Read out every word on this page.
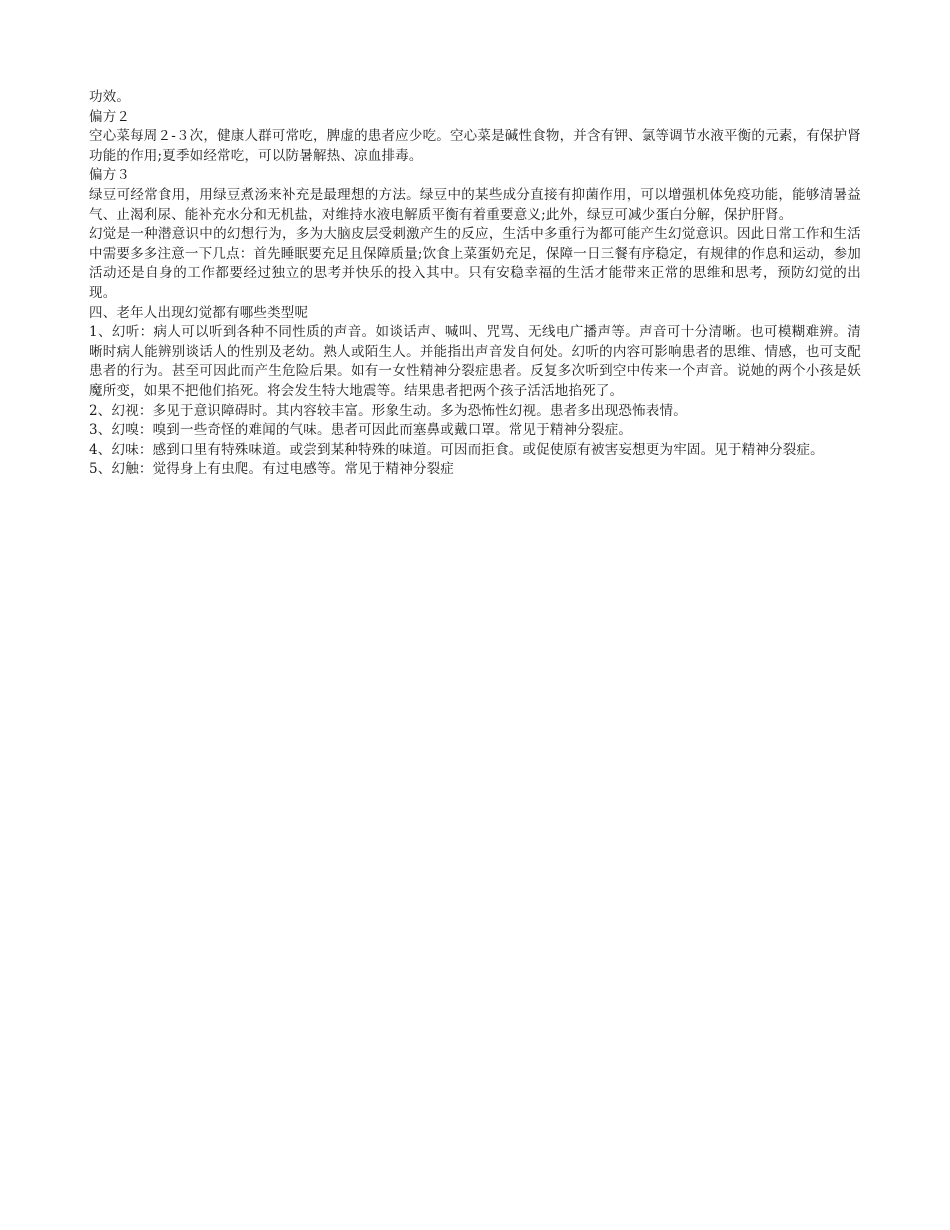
功效。

偏方２

空心菜每周２-３次，健康人群可常吃，脾虚的患者应少吃。空心菜是碱性食物，并含有钾、氯等调节水液平衡的元素，有保护肾功能的作用;夏季如经常吃，可以防暑解热、凉血排毒。

偏方３

绿豆可经常食用，用绿豆煮汤来补充是最理想的方法。绿豆中的某些成分直接有抑菌作用，可以增强机体免疫功能，能够清暑益气、止渴利尿、能补充水分和无机盐，对维持水液电解质平衡有着重要意义;此外，绿豆可减少蛋白分解，保护肝肾。

幻觉是一种潜意识中的幻想行为，多为大脑皮层受刺激产生的反应，生活中多重行为都可能产生幻觉意识。因此日常工作和生活中需要多多注意一下几点：首先睡眠要充足且保障质量;饮食上菜蛋奶充足，保障一日三餐有序稳定，有规律的作息和运动，参加活动还是自身的工作都要经过独立的思考并快乐的投入其中。只有安稳幸福的生活才能带来正常的思维和思考，预防幻觉的出现。

四、老年人出现幻觉都有哪些类型呢

1、幻听：病人可以听到各种不同性质的声音。如谈话声、喊叫、咒骂、无线电广播声等。声音可十分清晰。也可模糊难辨。清晰时病人能辨别谈话人的性别及老幼。熟人或陌生人。并能指出声音发自何处。幻听的内容可影响患者的思维、情感，也可支配患者的行为。甚至可因此而产生危险后果。如有一女性精神分裂症患者。反复多次听到空中传来一个声音。说她的两个小孩是妖魔所变，如果不把他们掐死。将会发生特大地震等。结果患者把两个孩子活活地掐死了。

2、幻视：多见于意识障碍时。其内容较丰富。形象生动。多为恐怖性幻视。患者多出现恐怖表情。

3、幻嗅：嗅到一些奇怪的难闻的气味。患者可因此而塞鼻或戴口罩。常见于精神分裂症。

4、幻味：感到口里有特殊味道。或尝到某种特殊的味道。可因而拒食。或促使原有被害妄想更为牢固。见于精神分裂症。

5、幻触：觉得身上有虫爬。有过电感等。常见于精神分裂症
